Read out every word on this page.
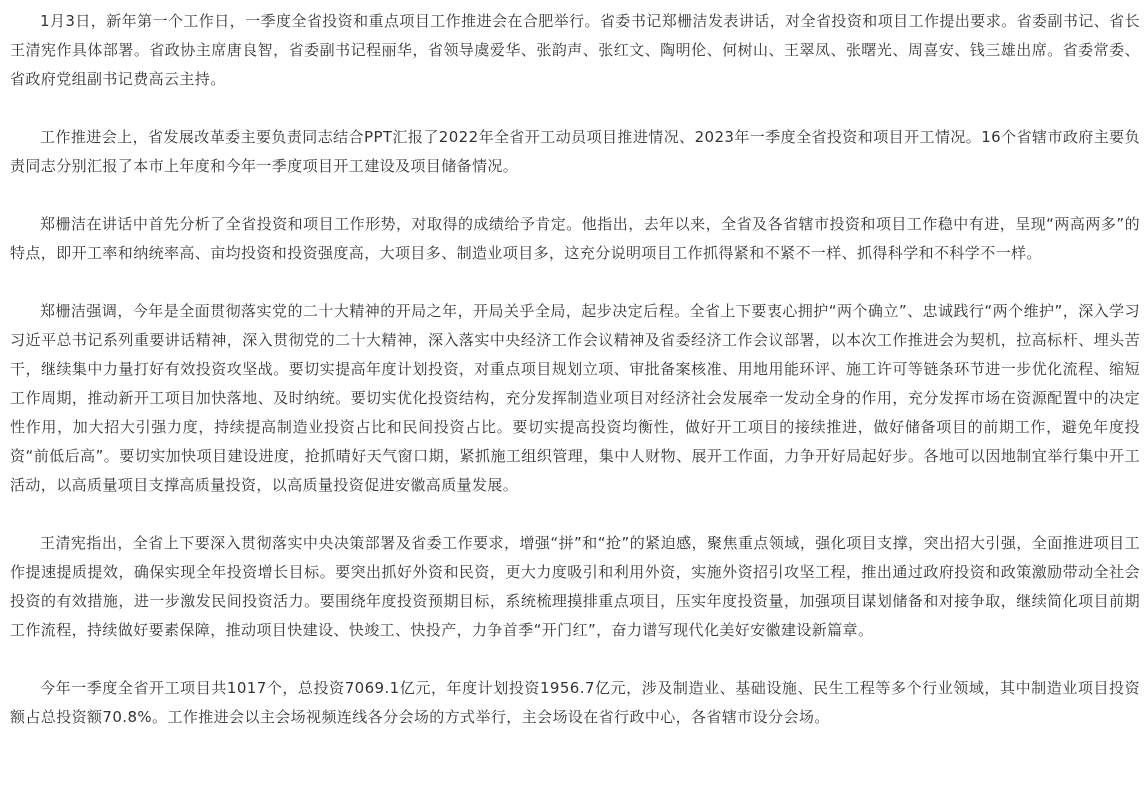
1月3日，新年第一个工作日，一季度全省投资和重点项目工作推进会在合肥举行。省委书记郑栅洁发表讲话，对全省投资和项目工作提出要求。省委副书记、省长王清宪作具体部署。省政协主席唐良智，省委副书记程丽华，省领导虞爱华、张韵声、张红文、陶明伦、何树山、王翠凤、张曙光、周喜安、钱三雄出席。省委常委、省政府党组副书记费高云主持。

工作推进会上，省发展改革委主要负责同志结合PPT汇报了2022年全省开工动员项目推进情况、2023年一季度全省投资和项目开工情况。16个省辖市政府主要负责同志分别汇报了本市上年度和今年一季度项目开工建设及项目储备情况。

郑栅洁在讲话中首先分析了全省投资和项目工作形势，对取得的成绩给予肯定。他指出，去年以来，全省及各省辖市投资和项目工作稳中有进，呈现“两高两多”的特点，即开工率和纳统率高、亩均投资和投资强度高，大项目多、制造业项目多，这充分说明项目工作抓得紧和不紧不一样、抓得科学和不科学不一样。

郑栅洁强调，今年是全面贯彻落实党的二十大精神的开局之年，开局关乎全局，起步决定后程。全省上下要衷心拥护“两个确立”、忠诚践行“两个维护”，深入学习习近平总书记系列重要讲话精神，深入贯彻党的二十大精神，深入落实中央经济工作会议精神及省委经济工作会议部署，以本次工作推进会为契机，拉高标杆、埋头苦干，继续集中力量打好有效投资攻坚战。要切实提高年度计划投资，对重点项目规划立项、审批备案核准、用地用能环评、施工许可等链条环节进一步优化流程、缩短工作周期，推动新开工项目加快落地、及时纳统。要切实优化投资结构，充分发挥制造业项目对经济社会发展牵一发动全身的作用，充分发挥市场在资源配置中的决定性作用，加大招大引强力度，持续提高制造业投资占比和民间投资占比。要切实提高投资均衡性，做好开工项目的接续推进，做好储备项目的前期工作，避免年度投资“前低后高”。要切实加快项目建设进度，抢抓晴好天气窗口期，紧抓施工组织管理，集中人财物、展开工作面，力争开好局起好步。各地可以因地制宜举行集中开工活动，以高质量项目支撑高质量投资，以高质量投资促进安徽高质量发展。

王清宪指出，全省上下要深入贯彻落实中央决策部署及省委工作要求，增强“拼”和“抢”的紧迫感，聚焦重点领域，强化项目支撑，突出招大引强，全面推进项目工作提速提质提效，确保实现全年投资增长目标。要突出抓好外资和民资，更大力度吸引和利用外资，实施外资招引攻坚工程，推出通过政府投资和政策激励带动全社会投资的有效措施，进一步激发民间投资活力。要围绕年度投资预期目标，系统梳理摸排重点项目，压实年度投资量，加强项目谋划储备和对接争取，继续简化项目前期工作流程，持续做好要素保障，推动项目快建设、快竣工、快投产，力争首季“开门红”，奋力谱写现代化美好安徽建设新篇章。

今年一季度全省开工项目共1017个，总投资7069.1亿元，年度计划投资1956.7亿元，涉及制造业、基础设施、民生工程等多个行业领域，其中制造业项目投资额占总投资额70.8%。工作推进会以主会场视频连线各分会场的方式举行，主会场设在省行政中心，各省辖市设分会场。
